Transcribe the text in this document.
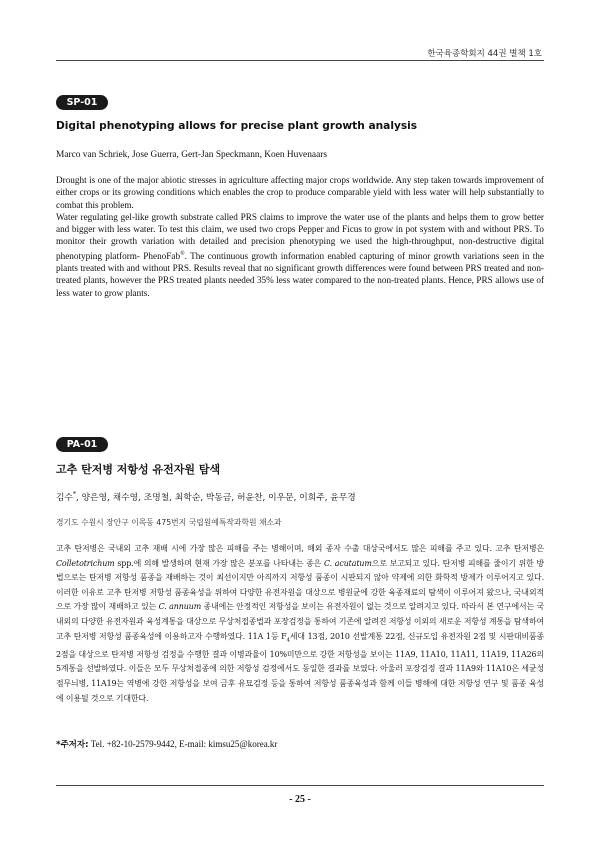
한국육종학회지 44권 별책 1호
SP-01
Digital phenotyping allows for precise plant growth analysis
Marco van Schriek, Jose Guerra, Gert-Jan Speckmann, Koen Huvenaars

Drought is one of the major abiotic stresses in agriculture affecting major crops worldwide. Any step taken towards improvement of either crops or its growing conditions which enables the crop to produce comparable yield with less water will help substantially to combat this problem.

Water regulating gel-like growth substrate called PRS claims to improve the water use of the plants and helps them to grow better and bigger with less water. To test this claim, we used two crops Pepper and Ficus to grow in pot system with and without PRS. To monitor their growth variation with detailed and precision phenotyping we used the high-throughput, non-destructive digital phenotyping platform- PhenoFab®. The continuous growth information enabled capturing of minor growth variations seen in the plants treated with and without PRS. Results reveal that no significant growth differences were found between PRS treated and non-treated plants, however the PRS treated plants needed 35% less water compared to the non-treated plants. Hence, PRS allows use of less water to grow plants.

PA-01
고추 탄저병 저항성 유전자원 탐색
김수*, 양은영, 채수영, 조명철, 최학순, 박동금, 허윤찬, 이우문, 이희주, 윤무경
경기도 수원시 장안구 이목동 475번지 국립원예특작과학원 채소과

고추 탄저병은 국내외 고추 재배 시에 가장 많은 피해를 주는 병해이며, 해외 종자 수출 대상국에서도 많은 피해를 주고 있다. 고추 탄저병은 Colletotrichum spp.에 의해 발생하며 현재 가장 많은 분포를 나타내는 종은 C. acutatum으로 보고되고 있다. 탄저병 피해를 줄이기 위한 방법으로는 탄저병 저항성 품종을 재배하는 것이 최선이지만 아직까지 저항성 품종이 시판되지 않아 약제에 의한 화학적 방제가 이루어지고 있다. 이러한 이유로 고추 탄저병 저항성 품종육성을 위하여 다양한 유전자원을 대상으로 병원균에 강한 육종재료의 탐색이 이루어져 왔으나, 국내외적으로 가장 많이 재배하고 있는 C. annuum 종내에는 안정적인 저항성을 보이는 유전자원이 없는 것으로 알려지고 있다. 따라서 본 연구에서는 국내외의 다양한 유전자원과 육성계통을 대상으로 무상처접종법과 포장검정을 통하여 기존에 알려진 저항성 이외의 새로운 저항성 계통을 탐색하여 고추 탄저병 저항성 품종육성에 이용하고자 수행하였다. 11A 1등 $F_4$세대 13점, 2010 선발계통 22점, 신규도입 유전자원 2점 및 시판대비품종 2점을 대상으로 탄저병 저항성 검정을 수행한 결과 이병과율이 10%미만으로 강한 저항성을 보이는 11A9, 11A10, 11A11, 11A19, 11A26의 5계통을 선발하였다. 이들은 모두 무상처접종에 의한 저항성 검정에서도 동일한 결과를 보였다. 아울러 포장검정 결과 11A9와 11A10은 세균성 점무늬병, 11A19는 역병에 강한 저항성을 보여 금후 유묘검정 등을 통하여 저항성 품종육성과 함께 이들 병해에 대한 저항성 연구 및 품종 육성에 이용될 것으로 기대한다.

*주저자: Tel. +82-10-2579-9442, E-mail: kimsu25@korea.kr
- 25 -
